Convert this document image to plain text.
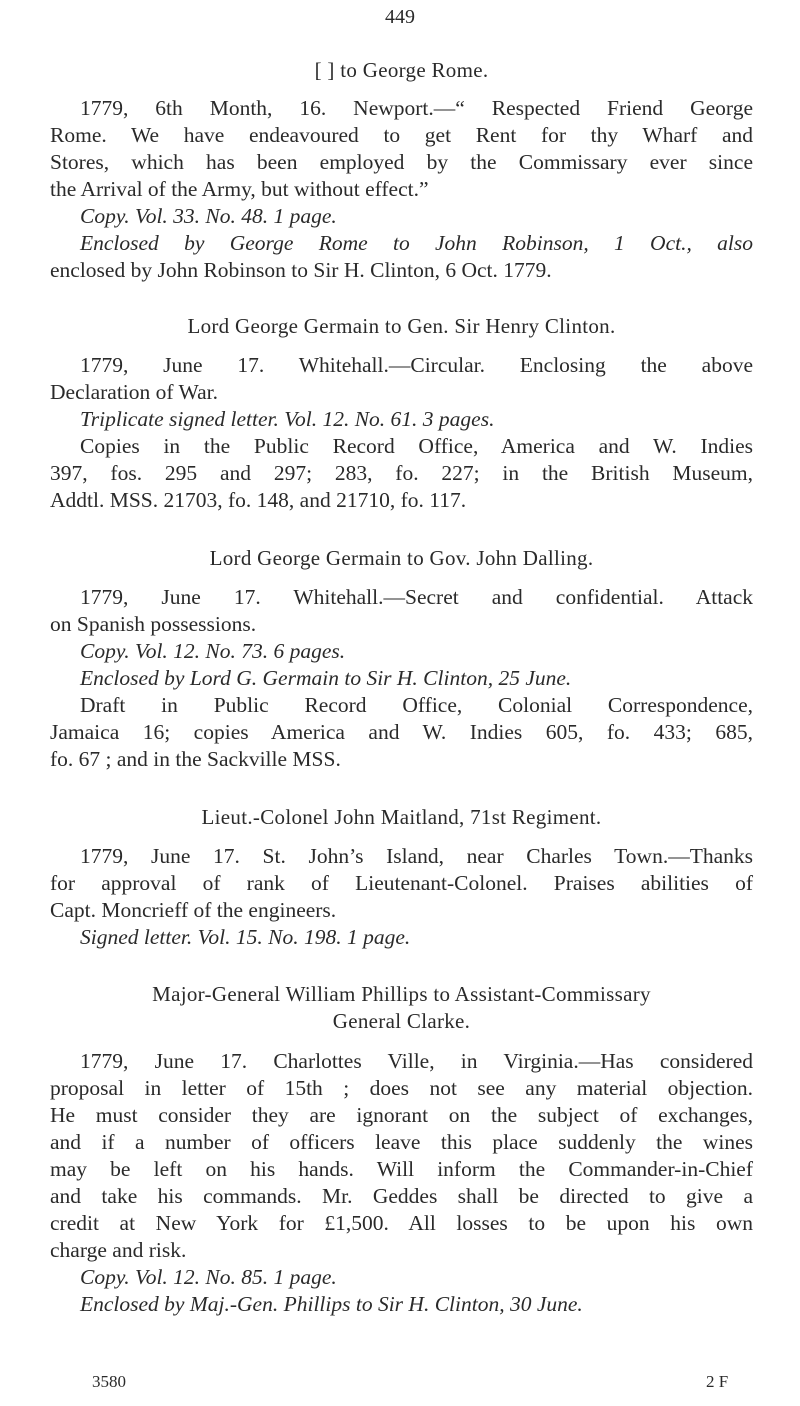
449
[ ] to George Rome.
1779, 6th Month, 16. Newport.—“ Respected Friend George
Rome. We have endeavoured to get Rent for thy Wharf and
Stores, which has been employed by the Commissary ever since
the Arrival of the Army, but without effect.”
Copy. Vol. 33. No. 48. 1 page.
Enclosed by George Rome to John Robinson, 1 Oct., also
enclosed by John Robinson to Sir H. Clinton, 6 Oct. 1779.
Lord George Germain to Gen. Sir Henry Clinton.
1779, June 17. Whitehall.—Circular. Enclosing the above
Declaration of War.
Triplicate signed letter. Vol. 12. No. 61. 3 pages.
Copies in the Public Record Office, America and W. Indies
397, fos. 295 and 297; 283, fo. 227; in the British Museum,
Addtl. MSS. 21703, fo. 148, and 21710, fo. 117.
Lord George Germain to Gov. John Dalling.
1779, June 17. Whitehall.—Secret and confidential. Attack
on Spanish possessions.
Copy. Vol. 12. No. 73. 6 pages.
Enclosed by Lord G. Germain to Sir H. Clinton, 25 June.
Draft in Public Record Office, Colonial Correspondence,
Jamaica 16; copies America and W. Indies 605, fo. 433; 685,
fo. 67 ; and in the Sackville MSS.
Lieut.-Colonel John Maitland, 71st Regiment.
1779, June 17. St. John’s Island, near Charles Town.—Thanks
for approval of rank of Lieutenant-Colonel. Praises abilities of
Capt. Moncrieff of the engineers.
Signed letter. Vol. 15. No. 198. 1 page.
Major-General William Phillips to Assistant-Commissary
General Clarke.
1779, June 17. Charlottes Ville, in Virginia.—Has considered
proposal in letter of 15th ; does not see any material objection.
He must consider they are ignorant on the subject of exchanges,
and if a number of officers leave this place suddenly the wines
may be left on his hands. Will inform the Commander-in-Chief
and take his commands. Mr. Geddes shall be directed to give a
credit at New York for £1,500. All losses to be upon his own
charge and risk.
Copy. Vol. 12. No. 85. 1 page.
Enclosed by Maj.-Gen. Phillips to Sir H. Clinton, 30 June.
3580	2 F
